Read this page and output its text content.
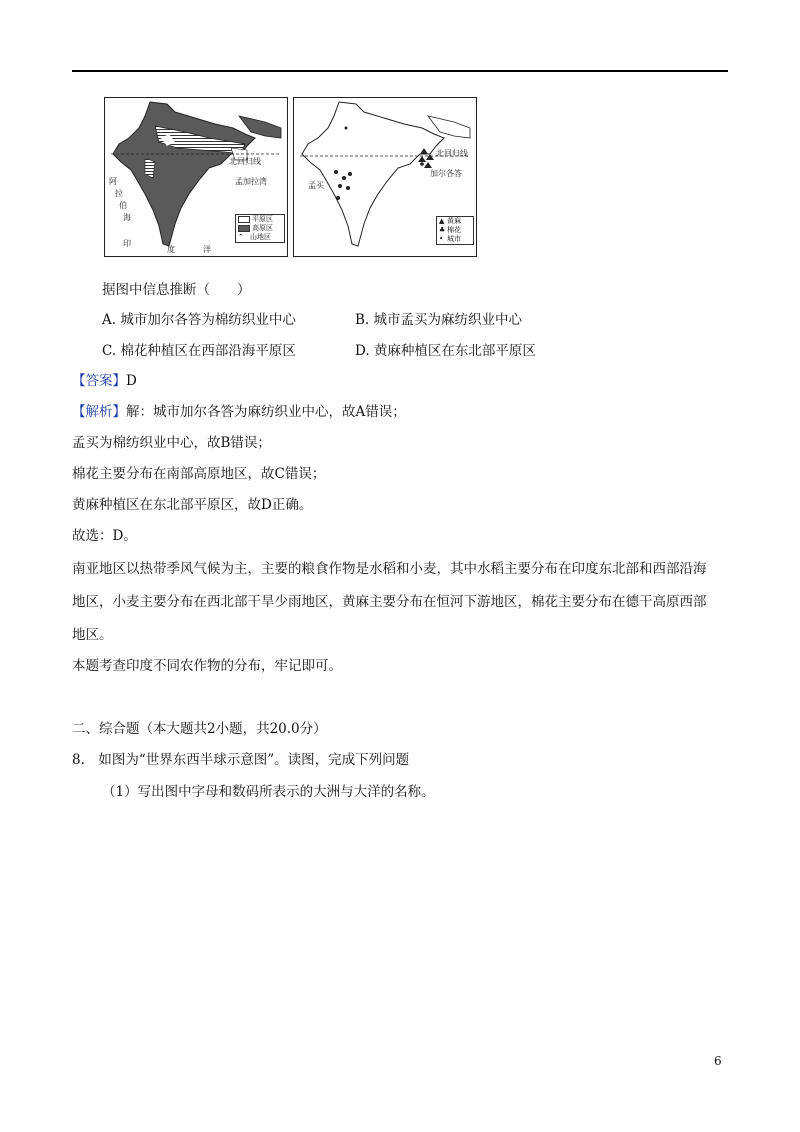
北回归线
孟加拉湾
阿
拉
伯
海
印
度	洋
平原区
高原区
⌃ 山地区
北回归线
孟买
加尔各答
▲ 黄麻
♣ 棉花
• 城市
据图中信息推断（　　）
A. 城市加尔各答为棉纺织业中心	B. 城市孟买为麻纺织业中心
C. 棉花种植区在西部沿海平原区	D. 黄麻种植区在东北部平原区
【答案】D
【解析】解：城市加尔各答为麻纺织业中心，故A错误；
孟买为棉纺织业中心，故B错误；
棉花主要分布在南部高原地区，故C错误；
黄麻种植区在东北部平原区，故D正确。
故选：D。
南亚地区以热带季风气候为主，主要的粮食作物是水稻和小麦，其中水稻主要分布在印度东北部和西部沿海
地区，小麦主要分布在西北部干旱少雨地区，黄麻主要分布在恒河下游地区，棉花主要分布在德干高原西部
地区。
本题考查印度不同农作物的分布，牢记即可。
二、综合题（本大题共2小题，共20.0分）
8.　如图为“世界东西半球示意图”。读图，完成下列问题
（1）写出图中字母和数码所表示的大洲与大洋的名称。
6
